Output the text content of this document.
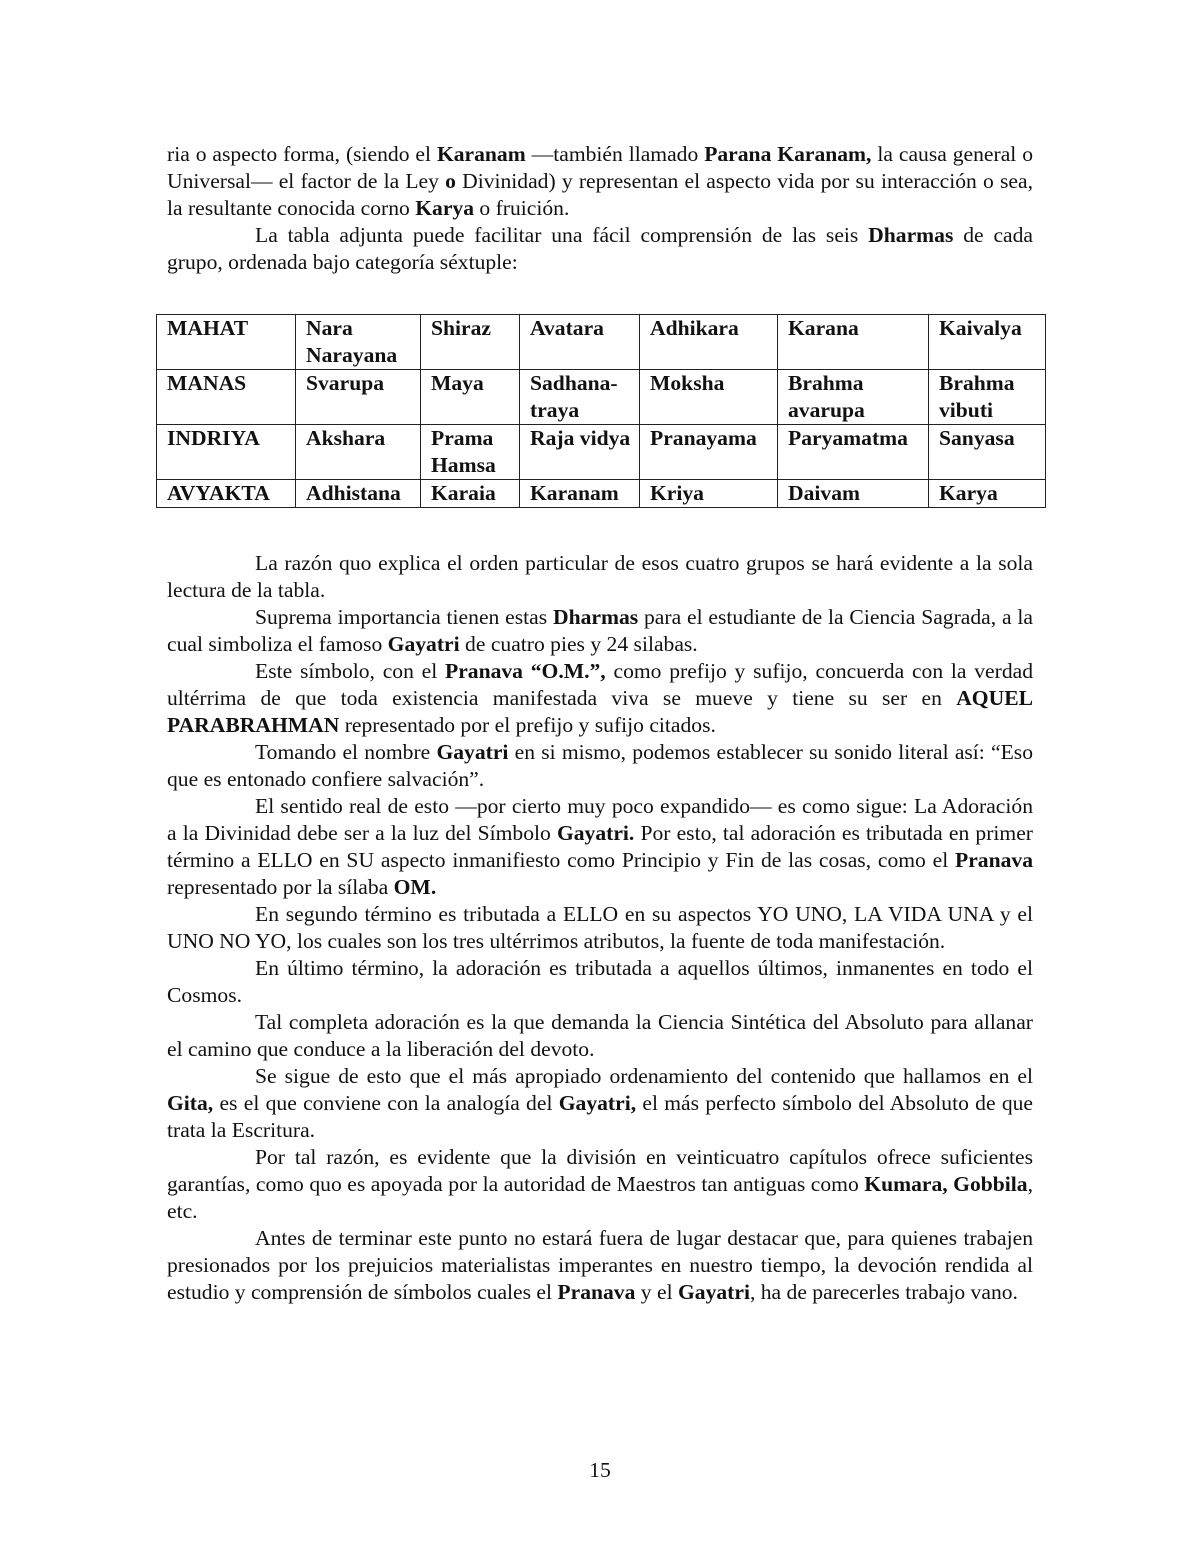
ria o aspecto forma, (siendo el Karanam —también llamado Parana Karanam, la causa general o Universal— el factor de la Ley o Divinidad) y representan el aspecto vida por su interacción o sea, la resultante conocida corno Karya o fruición.

La tabla adjunta puede facilitar una fácil comprensión de las seis Dharmas de cada grupo, ordenada bajo categoría séxtuple:

MAHAT	Nara Narayana	Shiraz	Avatara	Adhikara	Karana	Kaivalya
MANAS	Svarupa	Maya	Sadhana-traya	Moksha	Brahma avarupa	Brahma vibuti
INDRIYA	Akshara	Prama Hamsa	Raja vidya	Pranayama	Paryamatma	Sanyasa
AVYAKTA	Adhistana	Karaia	Karanam	Kriya	Daivam	Karya

La razón quo explica el orden particular de esos cuatro grupos se hará evidente a la sola lectura de la tabla.

Suprema importancia tienen estas Dharmas para el estudiante de la Ciencia Sagrada, a la cual simboliza el famoso Gayatri de cuatro pies y 24 silabas.

Este símbolo, con el Pranava “O.M.”, como prefijo y sufijo, concuerda con la verdad ultérrima de que toda existencia manifestada viva se mueve y tiene su ser en AQUEL PARABRAHMAN representado por el prefijo y sufijo citados.

Tomando el nombre Gayatri en si mismo, podemos establecer su sonido literal así: “Eso que es entonado confiere salvación”.

El sentido real de esto —por cierto muy poco expandido— es como sigue: La Adoración a la Divinidad debe ser a la luz del Símbolo Gayatri. Por esto, tal adoración es tributada en primer término a ELLO en SU aspecto inmanifiesto como Principio y Fin de las cosas, como el Pranava representado por la sílaba OM.

En segundo término es tributada a ELLO en su aspectos YO UNO, LA VIDA UNA y el UNO NO YO, los cuales son los tres ultérrimos atributos, la fuente de toda manifestación.

En último término, la adoración es tributada a aquellos últimos, inmanentes en todo el Cosmos.

Tal completa adoración es la que demanda la Ciencia Sintética del Absoluto para allanar el camino que conduce a la liberación del devoto.

Se sigue de esto que el más apropiado ordenamiento del contenido que hallamos en el Gita, es el que conviene con la analogía del Gayatri, el más perfecto símbolo del Absoluto de que trata la Escritura.

Por tal razón, es evidente que la división en veinticuatro capítulos ofrece suficientes garantías, como quo es apoyada por la autoridad de Maestros tan antiguas como Kumara, Gobbila, etc.

Antes de terminar este punto no estará fuera de lugar destacar que, para quienes trabajen presionados por los prejuicios materialistas imperantes en nuestro tiempo, la devoción rendida al estudio y comprensión de símbolos cuales el Pranava y el Gayatri, ha de parecerles trabajo vano.

15
